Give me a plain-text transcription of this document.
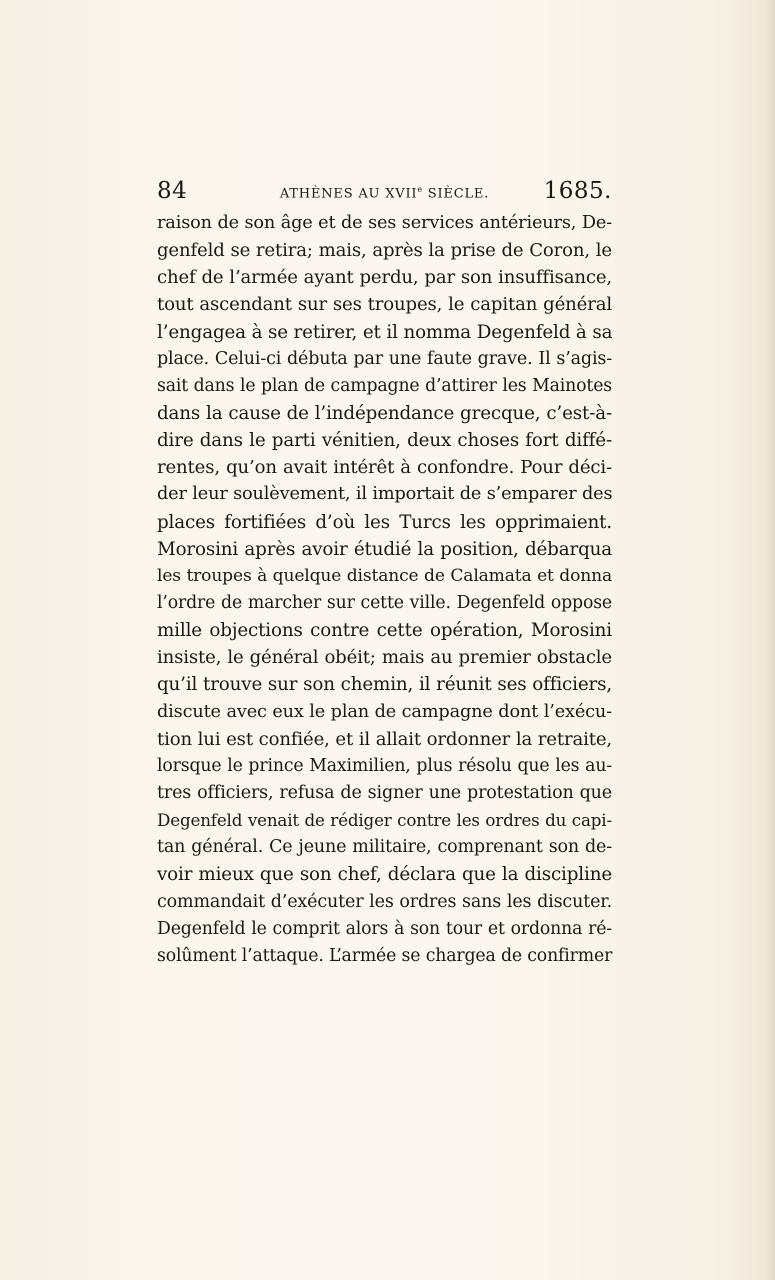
84	ATHÈNES AU XVIIe SIÈCLE.	1685.
raison de son âge et de ses services antérieurs, De-
genfeld se retira; mais, après la prise de Coron, le
chef de l’armée ayant perdu, par son insuffisance,
tout ascendant sur ses troupes, le capitan général
l’engagea à se retirer, et il nomma Degenfeld à sa
place. Celui-ci débuta par une faute grave. Il s’agis-
sait dans le plan de campagne d’attirer les Mainotes
dans la cause de l’indépendance grecque, c’est-à-
dire dans le parti vénitien, deux choses fort diffé-
rentes, qu’on avait intérêt à confondre. Pour déci-
der leur soulèvement, il importait de s’emparer des
places fortifiées d’où les Turcs les opprimaient.
Morosini après avoir étudié la position, débarqua
les troupes à quelque distance de Calamata et donna
l’ordre de marcher sur cette ville. Degenfeld oppose
mille objections contre cette opération, Morosini
insiste, le général obéit; mais au premier obstacle
qu’il trouve sur son chemin, il réunit ses officiers,
discute avec eux le plan de campagne dont l’exécu-
tion lui est confiée, et il allait ordonner la retraite,
lorsque le prince Maximilien, plus résolu que les au-
tres officiers, refusa de signer une protestation que
Degenfeld venait de rédiger contre les ordres du capi-
tan général. Ce jeune militaire, comprenant son de-
voir mieux que son chef, déclara que la discipline
commandait d’exécuter les ordres sans les discuter.
Degenfeld le comprit alors à son tour et ordonna ré-
solûment l’attaque. L’armée se chargea de confirmer
